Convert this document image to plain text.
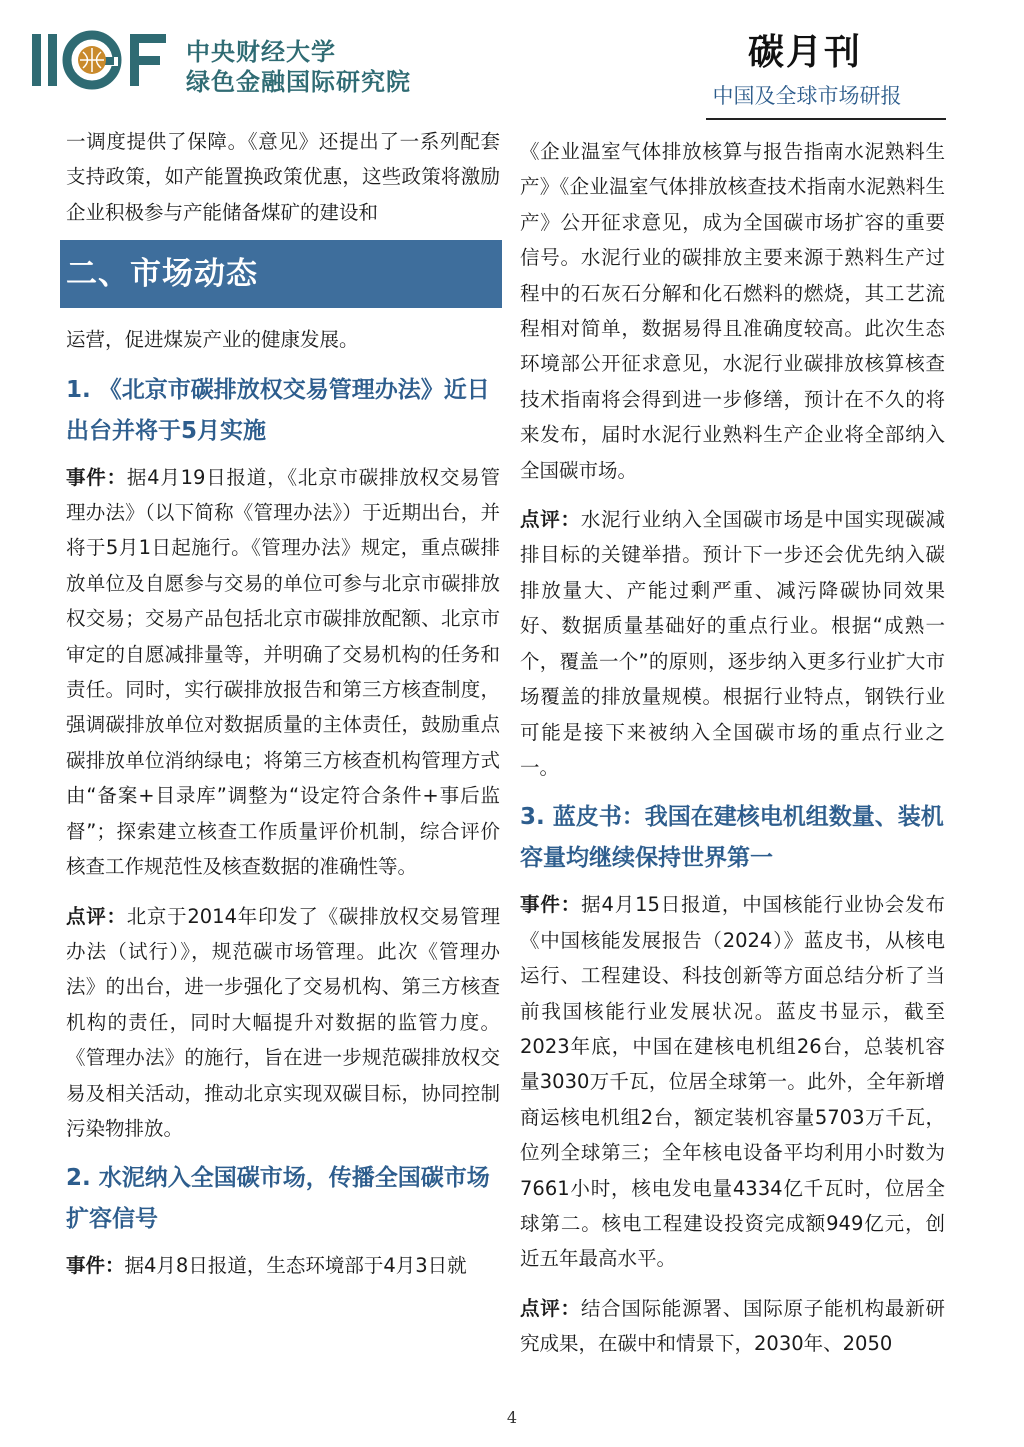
中央财经大学
绿色金融国际研究院
碳月刊
中国及全球市场研报

一调度提供了保障。《意见》还提出了一系列配套支持政策，如产能置换政策优惠，这些政策将激励企业积极参与产能储备煤矿的建设和

二、市场动态

运营，促进煤炭产业的健康发展。

1. 《北京市碳排放权交易管理办法》近日出台并将于5月实施

事件：据4月19日报道，《北京市碳排放权交易管理办法》（以下简称《管理办法》）于近期出台，并将于5月1日起施行。《管理办法》规定，重点碳排放单位及自愿参与交易的单位可参与北京市碳排放权交易；交易产品包括北京市碳排放配额、北京市审定的自愿减排量等，并明确了交易机构的任务和责任。同时，实行碳排放报告和第三方核查制度，强调碳排放单位对数据质量的主体责任，鼓励重点碳排放单位消纳绿电；将第三方核查机构管理方式由“备案+目录库”调整为“设定符合条件+事后监督”；探索建立核查工作质量评价机制，综合评价核查工作规范性及核查数据的准确性等。

点评：北京于2014年印发了《碳排放权交易管理办法（试行）》，规范碳市场管理。此次《管理办法》的出台，进一步强化了交易机构、第三方核查机构的责任，同时大幅提升对数据的监管力度。《管理办法》的施行，旨在进一步规范碳排放权交易及相关活动，推动北京实现双碳目标，协同控制污染物排放。

2. 水泥纳入全国碳市场，传播全国碳市场扩容信号

事件：据4月8日报道，生态环境部于4月3日就

《企业温室气体排放核算与报告指南水泥熟料生产》《企业温室气体排放核查技术指南水泥熟料生产》公开征求意见，成为全国碳市场扩容的重要信号。水泥行业的碳排放主要来源于熟料生产过程中的石灰石分解和化石燃料的燃烧，其工艺流程相对简单，数据易得且准确度较高。此次生态环境部公开征求意见，水泥行业碳排放核算核查技术指南将会得到进一步修缮，预计在不久的将来发布，届时水泥行业熟料生产企业将全部纳入全国碳市场。

点评：水泥行业纳入全国碳市场是中国实现碳减排目标的关键举措。预计下一步还会优先纳入碳排放量大、产能过剩严重、减污降碳协同效果好、数据质量基础好的重点行业。根据“成熟一个，覆盖一个”的原则，逐步纳入更多行业扩大市场覆盖的排放量规模。根据行业特点，钢铁行业可能是接下来被纳入全国碳市场的重点行业之一。

3. 蓝皮书：我国在建核电机组数量、装机容量均继续保持世界第一

事件：据4月15日报道，中国核能行业协会发布《中国核能发展报告（2024）》蓝皮书，从核电运行、工程建设、科技创新等方面总结分析了当前我国核能行业发展状况。蓝皮书显示，截至2023年底，中国在建核电机组26台，总装机容量3030万千瓦，位居全球第一。此外，全年新增商运核电机组2台，额定装机容量5703万千瓦，位列全球第三；全年核电设备平均利用小时数为7661小时，核电发电量4334亿千瓦时，位居全球第二。核电工程建设投资完成额949亿元，创近五年最高水平。

点评：结合国际能源署、国际原子能机构最新研究成果，在碳中和情景下，2030年、2050

4
